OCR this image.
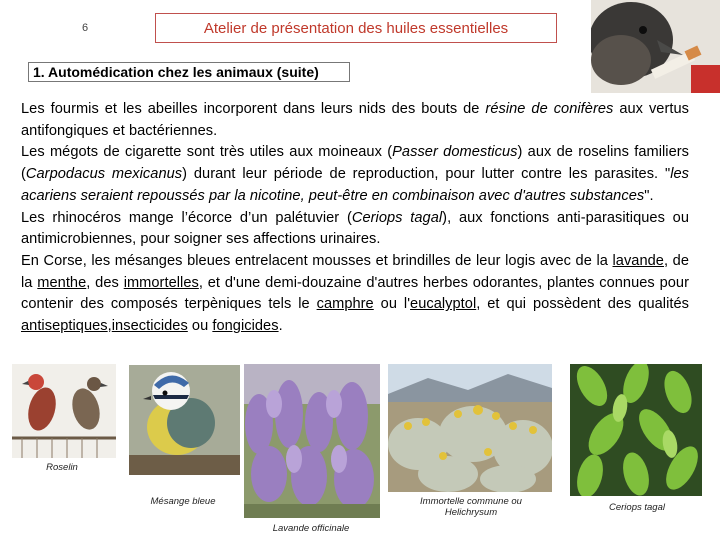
6	Atelier de présentation des huiles essentielles
1. Automédication chez les animaux (suite)

Les fourmis et les abeilles incorporent dans leurs nids des bouts de résine de conifères aux vertus antifongiques et bactériennes.

Les mégots de cigarette sont très utiles aux moineaux (Passer domesticus) aux de roselins familiers (Carpodacus mexicanus) durant leur période de reproduction, pour lutter contre les parasites. "les acariens seraient repoussés par la nicotine, peut-être en combinaison avec d'autres substances".

Les rhinocéros mange l’écorce d’un palétuvier (Ceriops tagal), aux fonctions anti-parasitiques ou antimicrobiennes, pour soigner ses affections urinaires.

En Corse, les mésanges bleues entrelacent mousses et brindilles de leur logis avec de la lavande, de la menthe, des immortelles, et d'une demi-douzaine d'autres herbes odorantes, plantes connues pour contenir des composés terpèniques tels le camphre ou l'eucalyptol, et qui possèdent des qualités antiseptiques,insecticides ou fongicides.

Roselin
Mésange bleue
Lavande officinale
Immortelle commune ou Helichrysum	Ceriops tagal
